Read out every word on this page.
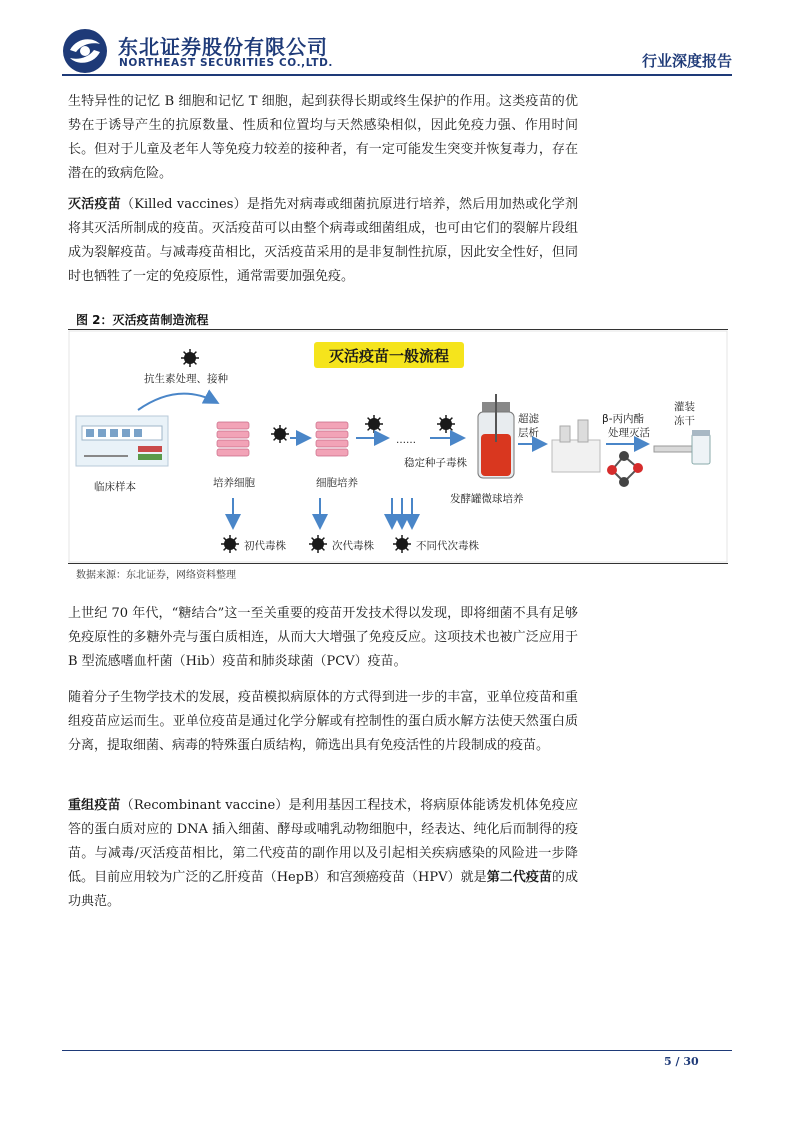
东北证券股份有限公司
NORTHEAST SECURITIES CO.,LTD.	行业深度报告
生特异性的记忆 B 细胞和记忆 T 细胞，起到获得长期或终生保护的作用。这类疫苗的优势在于诱导产生的抗原数量、性质和位置均与天然感染相似，因此免疫力强、作用时间长。但对于儿童及老年人等免疫力较差的接种者，有一定可能发生突变并恢复毒力，存在潜在的致病危险。
灭活疫苗（Killed vaccines）是指先对病毒或细菌抗原进行培养，然后用加热或化学剂将其灭活所制成的疫苗。灭活疫苗可以由整个病毒或细菌组成，也可由它们的裂解片段组成为裂解疫苗。与减毒疫苗相比，灭活疫苗采用的是非复制性抗原，因此安全性好，但同时也牺牲了一定的免疫原性，通常需要加强免疫。
图 2：灭活疫苗制造流程
灭活疫苗一般流程
抗生素处理、接种
临床样本	培养细胞	细胞培养
……
稳定种子毒株
发酵罐微球培养
超滤
层析
β-丙内酯
处理灭活
灌装
冻干
初代毒株	次代毒株	不同代次毒株
数据来源：东北证券，网络资料整理
上世纪 70 年代，“糖结合”这一至关重要的疫苗开发技术得以发现，即将细菌不具有足够免疫原性的多糖外壳与蛋白质相连，从而大大增强了免疫反应。这项技术也被广泛应用于 B 型流感嗜血杆菌（Hib）疫苗和肺炎球菌（PCV）疫苗。
随着分子生物学技术的发展，疫苗模拟病原体的方式得到进一步的丰富，亚单位疫苗和重组疫苗应运而生。亚单位疫苗是通过化学分解或有控制性的蛋白质水解方法使天然蛋白质分离，提取细菌、病毒的特殊蛋白质结构，筛选出具有免疫活性的片段制成的疫苗。
重组疫苗（Recombinant vaccine）是利用基因工程技术，将病原体能诱发机体免疫应答的蛋白质对应的 DNA 插入细菌、酵母或哺乳动物细胞中，经表达、纯化后而制得的疫苗。与减毒/灭活疫苗相比，第二代疫苗的副作用以及引起相关疾病感染的风险进一步降低。目前应用较为广泛的乙肝疫苗（HepB）和宫颈癌疫苗（HPV）就是第二代疫苗的成功典范。
5 / 30
